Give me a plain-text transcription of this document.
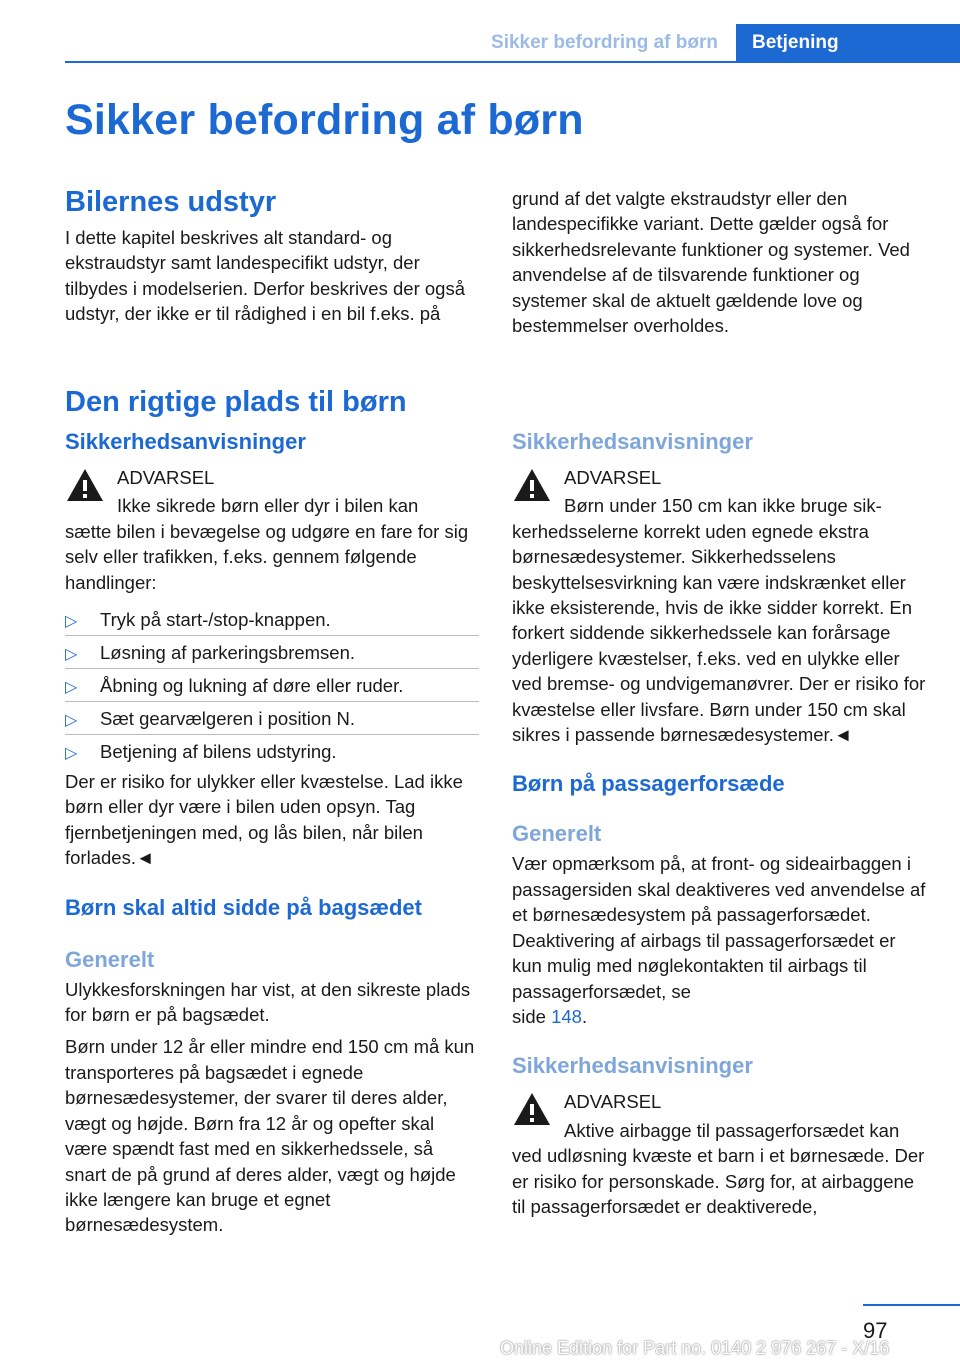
Sikker befordring af børn	Betjening
Sikker befordring af børn
Bilernes udstyr

I dette kapitel beskrives alt standard- og ekstraudstyr samt landespecifikt udstyr, der tilbydes i modelserien. Derfor beskrives der også udstyr, der ikke er til rådighed i en bil f.eks. på

grund af det valgte ekstraudstyr eller den landespecifikke variant. Dette gælder også for sikkerhedsrelevante funktioner og systemer. Ved anvendelse af de tilsvarende funktioner og systemer skal de aktuelt gældende love og bestemmelser overholdes.

Den rigtige plads til børn
Sikkerhedsanvisninger

ADVARSEL

Ikke sikrede børn eller dyr i bilen kan

sætte bilen i bevægelse og udgøre en fare for sig selv eller trafikken, f.eks. gennem følgende handlinger:

▷ Tryk på start-/stop-knappen.
▷ Løsning af parkeringsbremsen.
▷ Åbning og lukning af døre eller ruder.
▷ Sæt gearvælgeren i position N.
▷ Betjening af bilens udstyring.

Der er risiko for ulykker eller kvæstelse. Lad ikke børn eller dyr være i bilen uden opsyn. Tag fjernbetjeningen med, og lås bilen, når bilen forlades.◄

Børn skal altid sidde på bagsædet
Generelt

Ulykkesforskningen har vist, at den sikreste plads for børn er på bagsædet.

Børn under 12 år eller mindre end 150 cm må kun transporteres på bagsædet i egnede børnesædesystemer, der svarer til deres alder, vægt og højde. Børn fra 12 år og opefter skal være spændt fast med en sikkerhedssele, så snart de på grund af deres alder, vægt og højde ikke længere kan bruge et egnet børnesædesystem.

Sikkerhedsanvisninger

ADVARSEL

Børn under 150 cm kan ikke bruge sik-

kerhedsselerne korrekt uden egnede ekstra børnesædesystemer. Sikkerhedsselens beskyttelsesvirkning kan være indskrænket eller ikke eksisterende, hvis de ikke sidder korrekt. En forkert siddende sikkerhedssele kan forårsage yderligere kvæstelser, f.eks. ved en ulykke eller ved bremse- og undvigemanøvrer. Der er risiko for kvæstelse eller livsfare. Børn under 150 cm skal sikres i passende børnesædesystemer.◄

Børn på passagerforsæde
Generelt

Vær opmærksom på, at front- og sideairbaggen i passagersiden skal deaktiveres ved anvendelse af et børnesædesystem på passagerforsædet. Deaktivering af airbags til passagerforsædet er kun mulig med nøglekontakten til airbags til passagerforsædet, se
side 148.

Sikkerhedsanvisninger

ADVARSEL

Aktive airbagge til passagerforsædet kan

ved udløsning kvæste et barn i et børnesæde. Der er risiko for personskade. Sørg for, at airbaggene til passagerforsædet er deaktiverede,

97
Online Edition for Part no. 0140 2 976 267 - X/16
